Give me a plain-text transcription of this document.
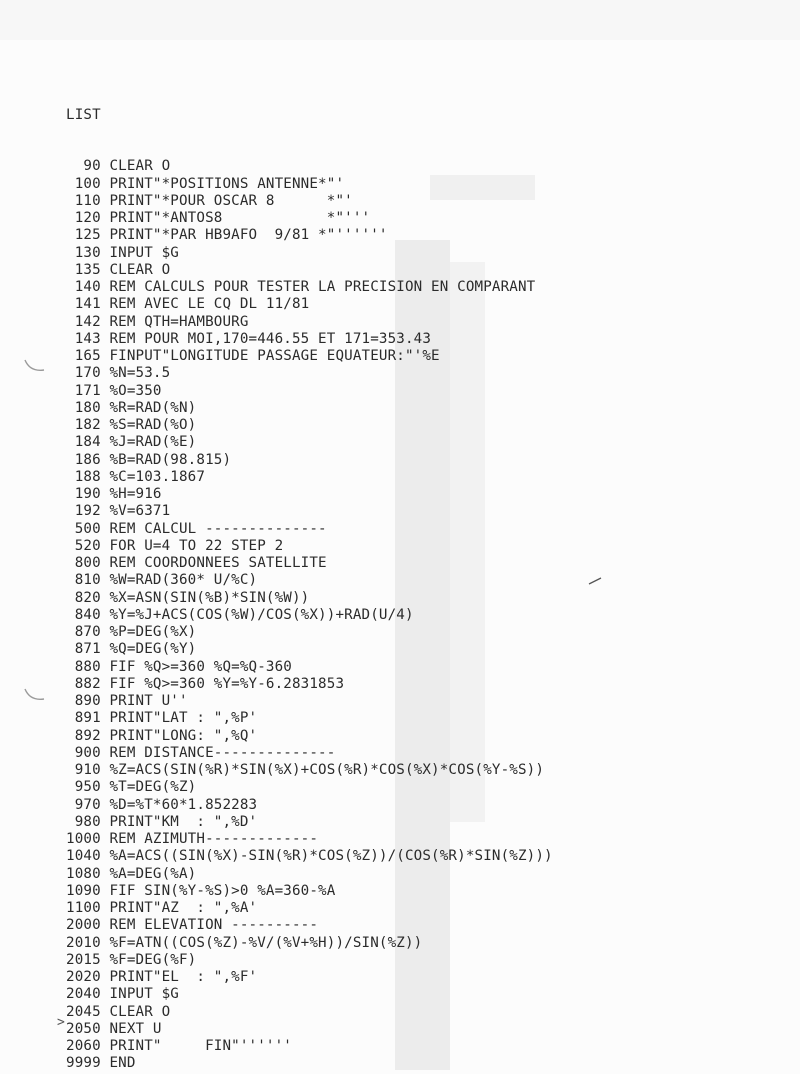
LIST

90 CLEAR O
100 PRINT"*POSITIONS ANTENNE*"'
110 PRINT"*POUR OSCAR 8      *"'
120 PRINT"*ANTOS8            *"'''
125 PRINT"*PAR HB9AFO  9/81 *"''''''
130 INPUT $G
135 CLEAR O
140 REM CALCULS POUR TESTER LA PRECISION EN COMPARANT
141 REM AVEC LE CQ DL 11/81
142 REM QTH=HAMBOURG
143 REM POUR MOI,170=446.55 ET 171=353.43
165 FINPUT"LONGITUDE PASSAGE EQUATEUR:"'%E
170 %N=53.5
171 %O=350
180 %R=RAD(%N)
182 %S=RAD(%O)
184 %J=RAD(%E)
186 %B=RAD(98.815)
188 %C=103.1867
190 %H=916
192 %V=6371
500 REM CALCUL --------------
520 FOR U=4 TO 22 STEP 2
800 REM COORDONNEES SATELLITE
810 %W=RAD(360* U/%C)
820 %X=ASN(SIN(%B)*SIN(%W))
840 %Y=%J+ACS(COS(%W)/COS(%X))+RAD(U/4)
870 %P=DEG(%X)
871 %Q=DEG(%Y)
880 FIF %Q>=360 %Q=%Q-360
882 FIF %Q>=360 %Y=%Y-6.2831853
890 PRINT U''
891 PRINT"LAT : ",%P'
892 PRINT"LONG: ",%Q'
900 REM DISTANCE--------------
910 %Z=ACS(SIN(%R)*SIN(%X)+COS(%R)*COS(%X)*COS(%Y-%S))
950 %T=DEG(%Z)
970 %D=%T*60*1.852283
980 PRINT"KM  : ",%D'
1000 REM AZIMUTH-------------
1040 %A=ACS((SIN(%X)-SIN(%R)*COS(%Z))/(COS(%R)*SIN(%Z)))
1080 %A=DEG(%A)
1090 FIF SIN(%Y-%S)>0 %A=360-%A
1100 PRINT"AZ  : ",%A'
2000 REM ELEVATION ----------
2010 %F=ATN((COS(%Z)-%V/(%V+%H))/SIN(%Z))
2015 %F=DEG(%F)
2020 PRINT"EL  : ",%F'
2040 INPUT $G
2045 CLEAR O
2050 NEXT U
2060 PRINT"     FIN"''''''
9999 END

>
